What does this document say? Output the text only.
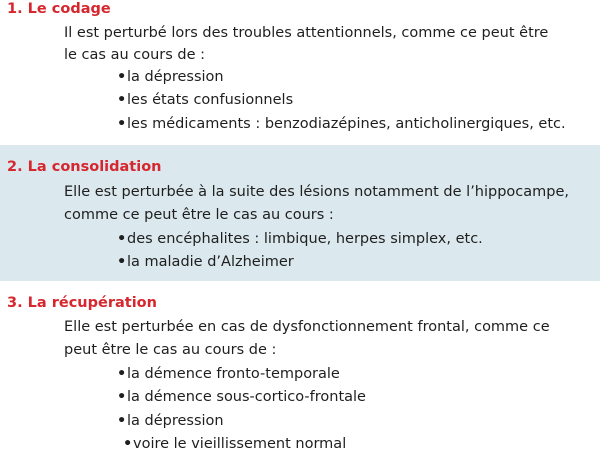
1. Le codage

Il est perturbé lors des troubles attentionnels, comme ce peut être

le cas au cours de :

•la dépression

•les états confusionnels

•les médicaments : benzodiazépines, anticholinergiques, etc.

2. La consolidation

Elle est perturbée à la suite des lésions notamment de l’hippocampe,

comme ce peut être le cas au cours :

•des encéphalites : limbique, herpes simplex, etc.

•la maladie d’Alzheimer

3. La récupération

Elle est perturbée en cas de dysfonctionnement frontal, comme ce

peut être le cas au cours de :

•la démence fronto-temporale

•la démence sous-cortico-frontale

•la dépression

•voire le vieillissement normal
